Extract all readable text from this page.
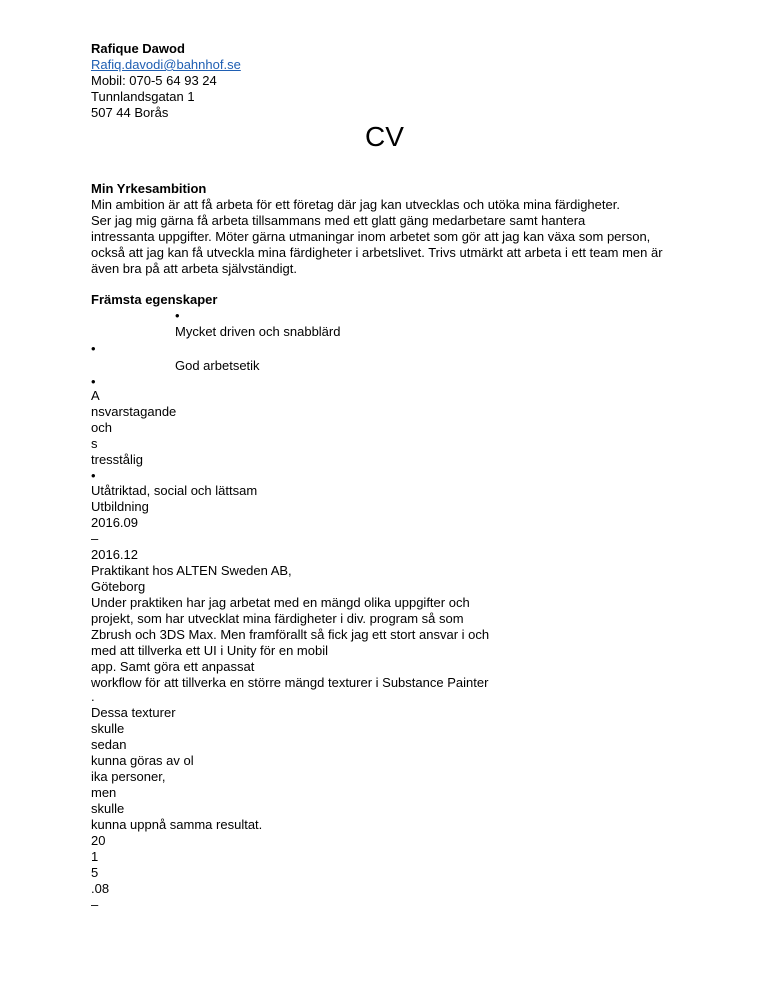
Rafique Dawod
Rafiq.davodi@bahnhof.se
Mobil: 070-5 64 93 24
Tunnlandsgatan 1
507 44 Borås
CV
Min Yrkesambition
Min ambition är att få arbeta för ett företag där jag kan utvecklas och utöka mina färdigheter.
Ser jag mig gärna få arbeta tillsammans med ett glatt gäng medarbetare samt hantera
intressanta uppgifter. Möter gärna utmaningar inom arbetet som gör att jag kan växa som person,
också att jag kan få utveckla mina färdigheter i arbetslivet. Trivs utmärkt att arbeta i ett team men är
även bra på att arbeta självständigt.
Främsta egenskaper
•
Mycket driven och snabblärd
•
God arbetsetik
•
A
nsvarstagande
och
s
tresstålig
•
Utåtriktad, social och lättsam
Utbildning
2016.09
–
2016.12
Praktikant hos ALTEN Sweden AB,
Göteborg
Under praktiken har jag arbetat med en mängd olika uppgifter och
projekt, som har utvecklat mina färdigheter i div. program så som
Zbrush och 3DS Max. Men framförallt så fick jag ett stort ansvar i och
med att tillverka ett UI i Unity för en mobil
app. Samt göra ett anpassat
workflow för att tillverka en större mängd texturer i Substance Painter
.
Dessa texturer
skulle
sedan
kunna göras av ol
ika personer,
men
skulle
kunna uppnå samma resultat.
20
1
5
.08
–
